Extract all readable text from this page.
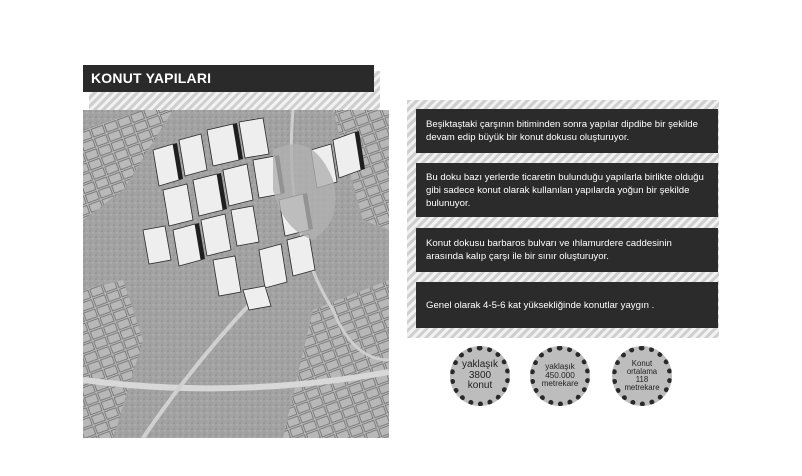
KONUT YAPILARI
Beşiktaştaki çarşının bitiminden sonra yapılar dipdibe bir şekilde devam edip büyük bir konut dokusu oluşturuyor.
Bu doku bazı yerlerde ticaretin bulunduğu yapılarla birlikte olduğu gibi sadece konut olarak kullanılan yapılarda yoğun bir şekilde bulunuyor.
Konut dokusu barbaros bulvarı ve ıhlamurdere caddesinin arasında kalıp çarşı ile bir sınır oluşturuyor.
Genel olarak 4-5-6 kat yüksekliğinde konutlar yaygın .
yaklaşık
3800
konut
yaklaşık
450.000
metrekare
Konut
ortalama
118
metrekare
